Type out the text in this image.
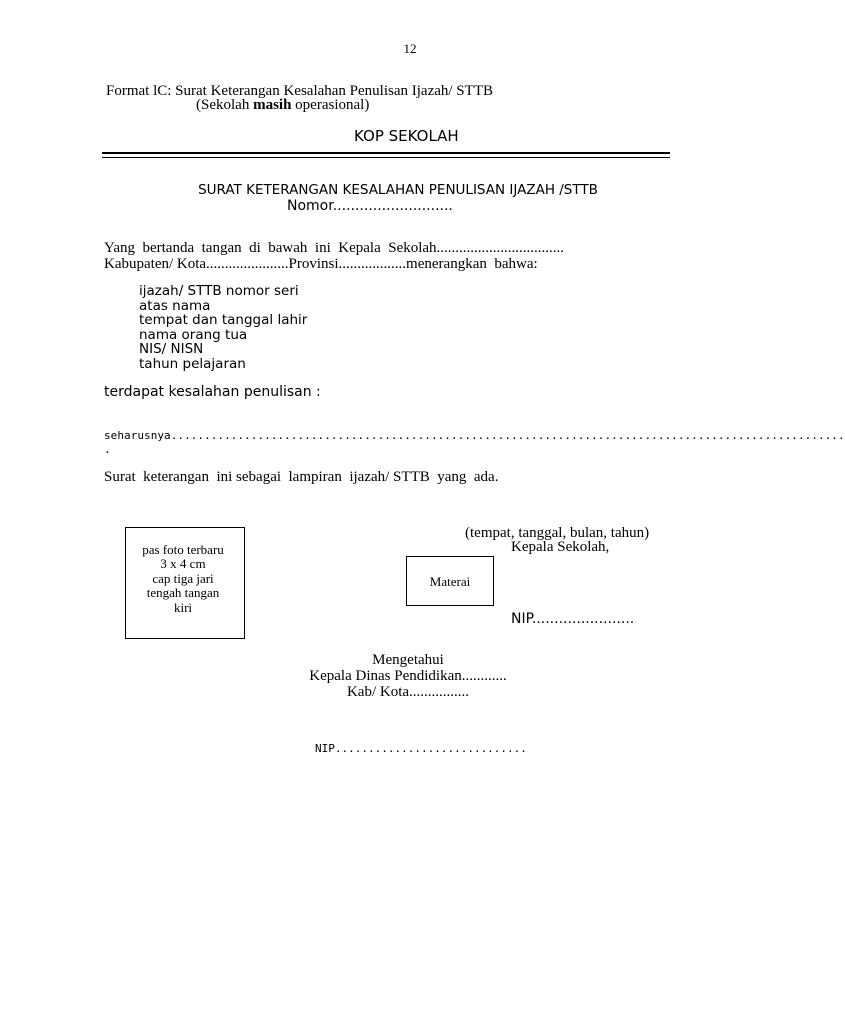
12
Format lC: Surat Keterangan Kesalahan Penulisan Ijazah/ STTB
(Sekolah masih operasional)
KOP SEKOLAH
SURAT KETERANGAN KESALAHAN PENULISAN IJAZAH /STTB
Nomor...........................
Yang  bertanda  tangan  di  bawah  ini  Kepala  Sekolah..................................
Kabupaten/ Kota......................Provinsi..................menerangkan  bahwa:
ijazah/ STTB nomor seri
atas nama
tempat dan tanggal lahir
nama orang tua
NIS/ NISN
tahun pelajaran
terdapat kesalahan penulisan :
seharusnya.....................................................................................................
.
Surat  keterangan  ini sebagai  lampiran  ijazah/ STTB  yang  ada.
pas foto terbaru
3 x 4 cm
cap tiga jari
tengah tangan
kiri
(tempat, tanggal, bulan, tahun)
Kepala Sekolah,
Materai
NIP.......................
Mengetahui
Kepala Dinas Pendidikan............
Kab/ Kota................
NIP.............................
